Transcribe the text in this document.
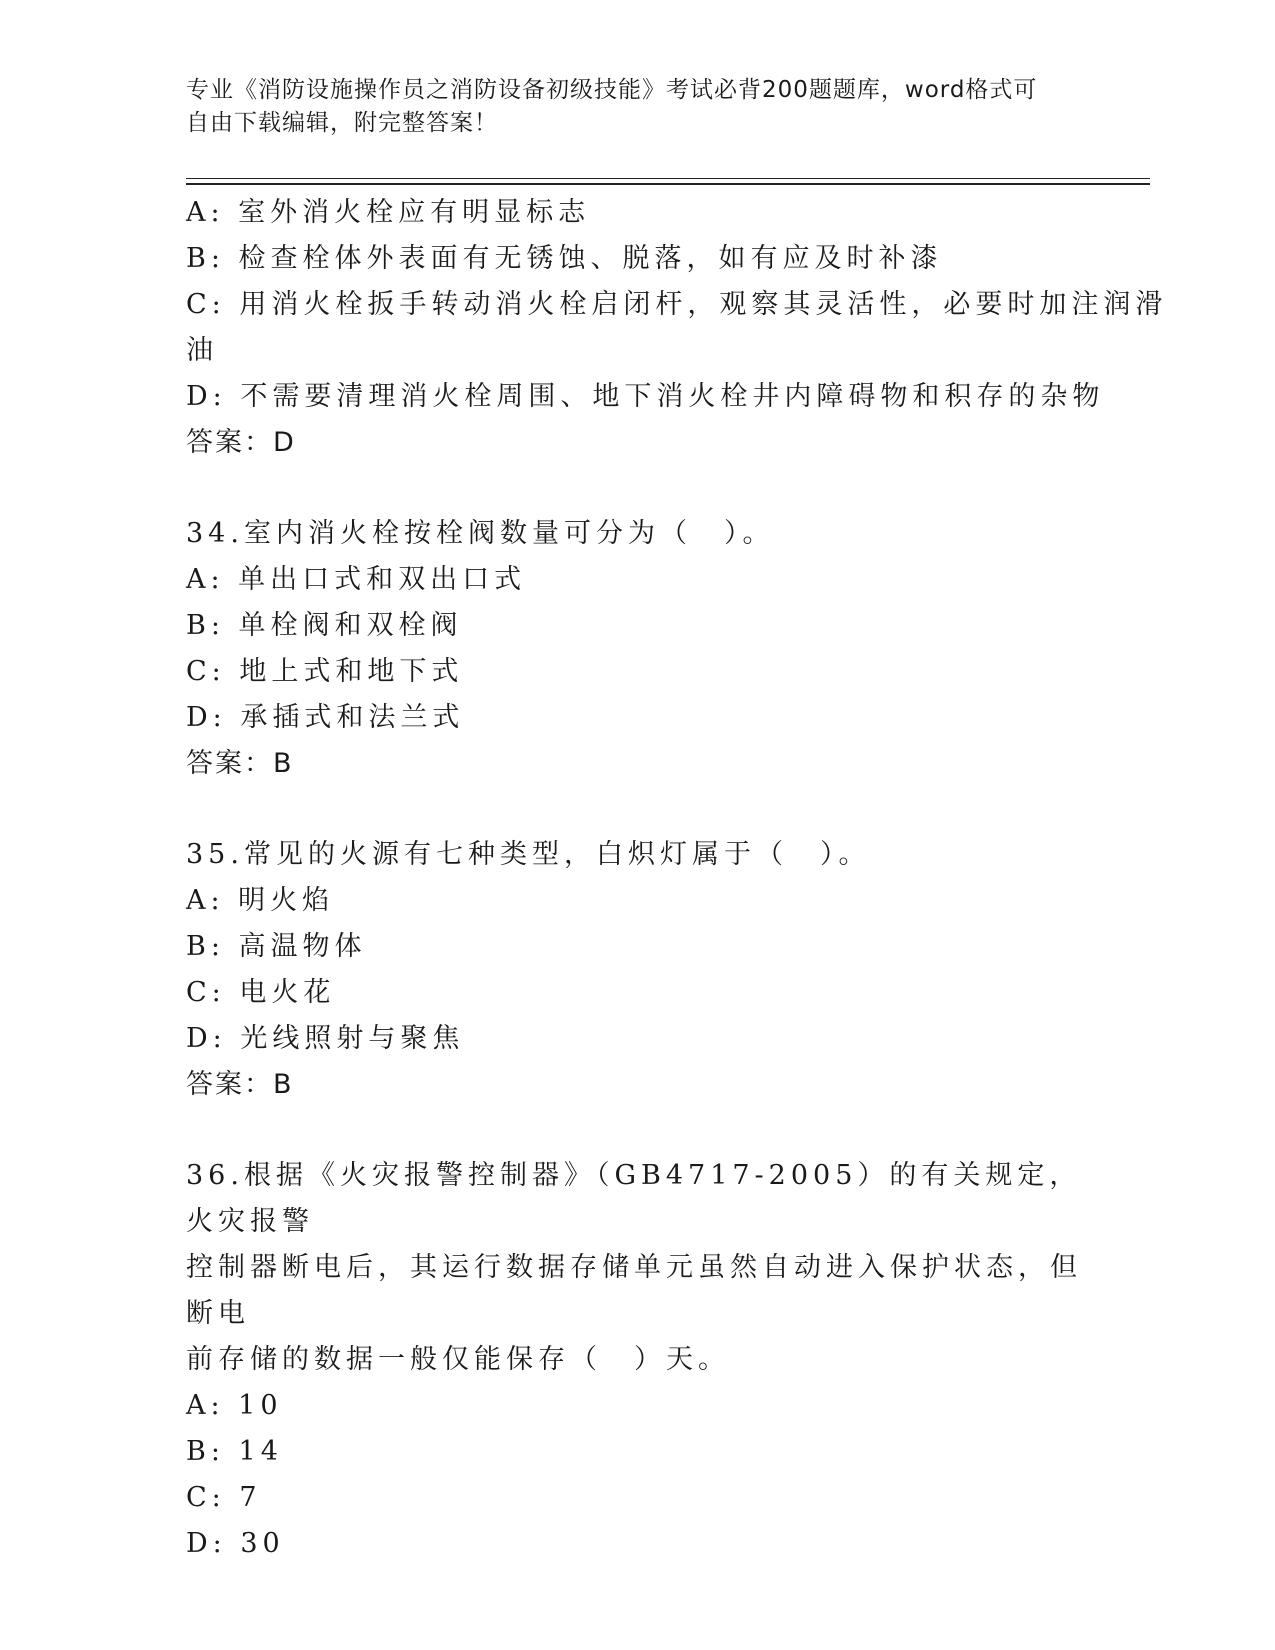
专业《消防设施操作员之消防设备初级技能》考试必背200题题库，word格式可

自由下载编辑，附完整答案！

A: 室外消火栓应有明显标志

B: 检查栓体外表面有无锈蚀、脱落，如有应及时补漆

C: 用消火栓扳手转动消火栓启闭杆，观察其灵活性，必要时加注润滑

油

D: 不需要清理消火栓周围、地下消火栓井内障碍物和积存的杂物

答案：D

34.室内消火栓按栓阀数量可分为（　）。

A: 单出口式和双出口式

B: 单栓阀和双栓阀

C: 地上式和地下式

D: 承插式和法兰式

答案：B

35.常见的火源有七种类型，白炽灯属于（　）。

A: 明火焰

B: 高温物体

C: 电火花

D: 光线照射与聚焦

答案：B

36.根据《火灾报警控制器》（GB4717-2005）的有关规定，火灾报警

控制器断电后，其运行数据存储单元虽然自动进入保护状态，但断电

前存储的数据一般仅能保存（　）天。

A: 10

B: 14

C: 7

D: 30
